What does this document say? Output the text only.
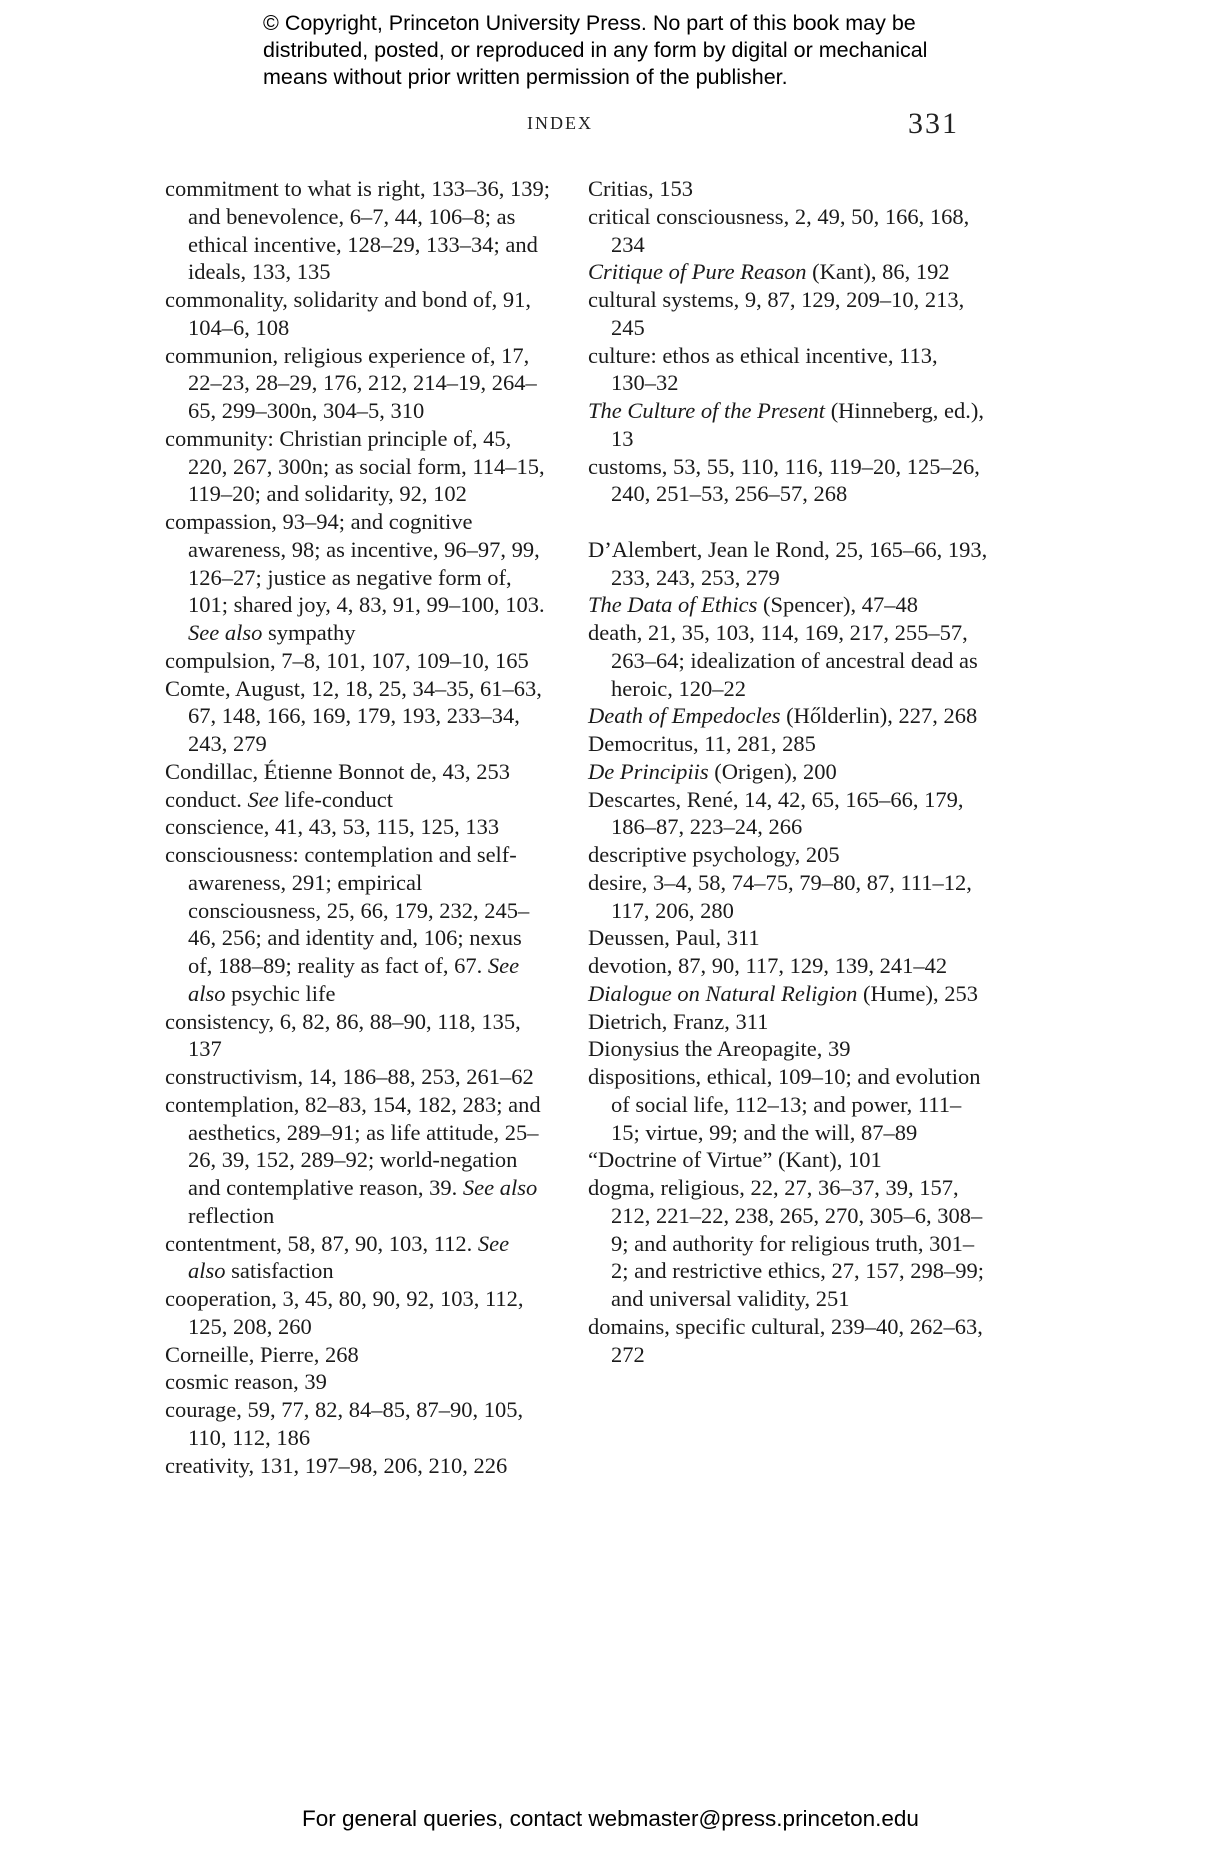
© Copyright, Princeton University Press. No part of this book may be
distributed, posted, or reproduced in any form by digital or mechanical
means without prior written permission of the publisher.
INDEX	331
commitment to what is right, 133–36, 139; and benevolence, 6–7, 44, 106–8; as ethical incentive, 128–29, 133–34; and ideals, 133, 135
commonality, solidarity and bond of, 91, 104–6, 108
communion, religious experience of, 17, 22–23, 28–29, 176, 212, 214–19, 264–65, 299–300n, 304–5, 310
community: Christian principle of, 45, 220, 267, 300n; as social form, 114–15, 119–20; and solidarity, 92, 102
compassion, 93–94; and cognitive awareness, 98; as incentive, 96–97, 99, 126–27; justice as negative form of, 101; shared joy, 4, 83, 91, 99–100, 103. See also sympathy
compulsion, 7–8, 101, 107, 109–10, 165
Comte, August, 12, 18, 25, 34–35, 61–63, 67, 148, 166, 169, 179, 193, 233–34, 243, 279
Condillac, Étienne Bonnot de, 43, 253
conduct. See life-conduct
conscience, 41, 43, 53, 115, 125, 133
consciousness: contemplation and self-awareness, 291; empirical consciousness, 25, 66, 179, 232, 245–46, 256; and identity and, 106; nexus of, 188–89; reality as fact of, 67. See also psychic life
consistency, 6, 82, 86, 88–90, 118, 135, 137
constructivism, 14, 186–88, 253, 261–62
contemplation, 82–83, 154, 182, 283; and aesthetics, 289–91; as life attitude, 25–26, 39, 152, 289–92; world-negation and contemplative reason, 39. See also reflection
contentment, 58, 87, 90, 103, 112. See also satisfaction
cooperation, 3, 45, 80, 90, 92, 103, 112, 125, 208, 260
Corneille, Pierre, 268
cosmic reason, 39
courage, 59, 77, 82, 84–85, 87–90, 105, 110, 112, 186
creativity, 131, 197–98, 206, 210, 226
Critias, 153
critical consciousness, 2, 49, 50, 166, 168, 234
Critique of Pure Reason (Kant), 86, 192
cultural systems, 9, 87, 129, 209–10, 213, 245
culture: ethos as ethical incentive, 113, 130–32
The Culture of the Present (Hinneberg, ed.), 13
customs, 53, 55, 110, 116, 119–20, 125–26, 240, 251–53, 256–57, 268
D’Alembert, Jean le Rond, 25, 165–66, 193, 233, 243, 253, 279
The Data of Ethics (Spencer), 47–48
death, 21, 35, 103, 114, 169, 217, 255–57, 263–64; idealization of ancestral dead as heroic, 120–22
Death of Empedocles (Hőlderlin), 227, 268
Democritus, 11, 281, 285
De Principiis (Origen), 200
Descartes, René, 14, 42, 65, 165–66, 179, 186–87, 223–24, 266
descriptive psychology, 205
desire, 3–4, 58, 74–75, 79–80, 87, 111–12, 117, 206, 280
Deussen, Paul, 311
devotion, 87, 90, 117, 129, 139, 241–42
Dialogue on Natural Religion (Hume), 253
Dietrich, Franz, 311
Dionysius the Areopagite, 39
dispositions, ethical, 109–10; and evolution of social life, 112–13; and power, 111–15; virtue, 99; and the will, 87–89
“Doctrine of Virtue” (Kant), 101
dogma, religious, 22, 27, 36–37, 39, 157, 212, 221–22, 238, 265, 270, 305–6, 308–9; and authority for religious truth, 301–2; and restrictive ethics, 27, 157, 298–99; and universal validity, 251
domains, specific cultural, 239–40, 262–63, 272
For general queries, contact webmaster@press.princeton.edu
